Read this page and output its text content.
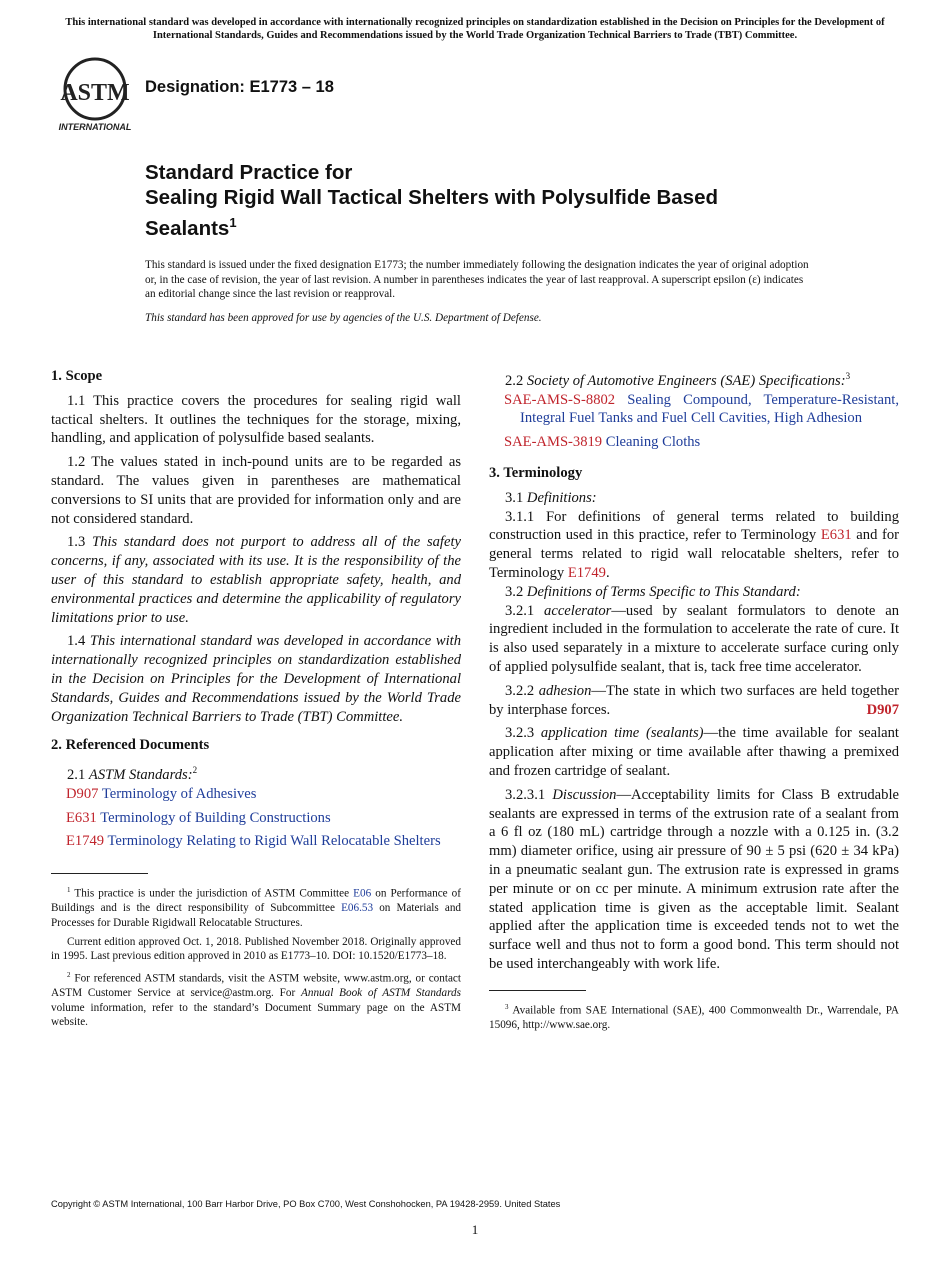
This international standard was developed in accordance with internationally recognized principles on standardization established in the Decision on Principles for the Development of International Standards, Guides and Recommendations issued by the World Trade Organization Technical Barriers to Trade (TBT) Committee.
ASTM
INTERNATIONAL
Designation: E1773 – 18
Standard Practice for
Sealing Rigid Wall Tactical Shelters with Polysulfide Based
Sealants$^1$

This standard is issued under the fixed designation E1773; the number immediately following the designation indicates the year of original adoption or, in the case of revision, the year of last revision. A number in parentheses indicates the year of last reapproval. A superscript epsilon (ε) indicates an editorial change since the last revision or reapproval.

This standard has been approved for use by agencies of the U.S. Department of Defense.

1. Scope

1.1 This practice covers the procedures for sealing rigid wall tactical shelters. It outlines the techniques for the storage, mixing, handling, and application of polysulfide based sealants.

1.2 The values stated in inch-pound units are to be regarded as standard. The values given in parentheses are mathematical conversions to SI units that are provided for information only and are not considered standard.

1.3 This standard does not purport to address all of the safety concerns, if any, associated with its use. It is the responsibility of the user of this standard to establish appropriate safety, health, and environmental practices and determine the applicability of regulatory limitations prior to use.

1.4 This international standard was developed in accordance with internationally recognized principles on standardization established in the Decision on Principles for the Development of International Standards, Guides and Recommendations issued by the World Trade Organization Technical Barriers to Trade (TBT) Committee.

2. Referenced Documents

2.1 ASTM Standards:$^2$

D907 Terminology of Adhesives

E631 Terminology of Building Constructions

E1749 Terminology Relating to Rigid Wall Relocatable Shelters

$^1$ This practice is under the jurisdiction of ASTM Committee E06 on Performance of Buildings and is the direct responsibility of Subcommittee E06.53 on Materials and Processes for Durable Rigidwall Relocatable Structures.

Current edition approved Oct. 1, 2018. Published November 2018. Originally approved in 1995. Last previous edition approved in 2010 as E1773–10. DOI: 10.1520/E1773–18.

$^2$ For referenced ASTM standards, visit the ASTM website, www.astm.org, or contact ASTM Customer Service at service@astm.org. For Annual Book of ASTM Standards volume information, refer to the standard’s Document Summary page on the ASTM website.

2.2 Society of Automotive Engineers (SAE) Specifications:$^3$

SAE-AMS-S-8802 Sealing Compound, Temperature-Resistant, Integral Fuel Tanks and Fuel Cell Cavities, High Adhesion

SAE-AMS-3819 Cleaning Cloths

3. Terminology

3.1 Definitions:

3.1.1 For definitions of general terms related to building construction used in this practice, refer to Terminology E631 and for general terms related to rigid wall relocatable shelters, refer to Terminology E1749.

3.2 Definitions of Terms Specific to This Standard:

3.2.1 accelerator—used by sealant formulators to denote an ingredient included in the formulation to accelerate the rate of cure. It is also used separately in a mixture to accelerate surface curing only of applied polysulfide sealant, that is, tack free time accelerator.

3.2.2 adhesion—The state in which two surfaces are held together by interphase forces.	D907

3.2.3 application time (sealants)—the time available for sealant application after mixing or time available after thawing a premixed and frozen cartridge of sealant.

3.2.3.1 Discussion—Acceptability limits for Class B extrudable sealants are expressed in terms of the extrusion rate of a sealant from a 6 fl oz (180 mL) cartridge through a nozzle with a 0.125 in. (3.2 mm) diameter orifice, using air pressure of 90 ± 5 psi (620 ± 34 kPa) in a pneumatic sealant gun. The extrusion rate is expressed in grams per minute or on cc per minute. A minimum extrusion rate after the stated application time is given as the acceptable limit. Sealant applied after the application time is exceeded tends not to wet the surface well and thus not to form a good bond. This term should not be used interchangeably with work life.

$^3$ Available from SAE International (SAE), 400 Commonwealth Dr., Warrendale, PA 15096, http://www.sae.org.

Copyright © ASTM International, 100 Barr Harbor Drive, PO Box C700, West Conshohocken, PA 19428-2959. United States
1
